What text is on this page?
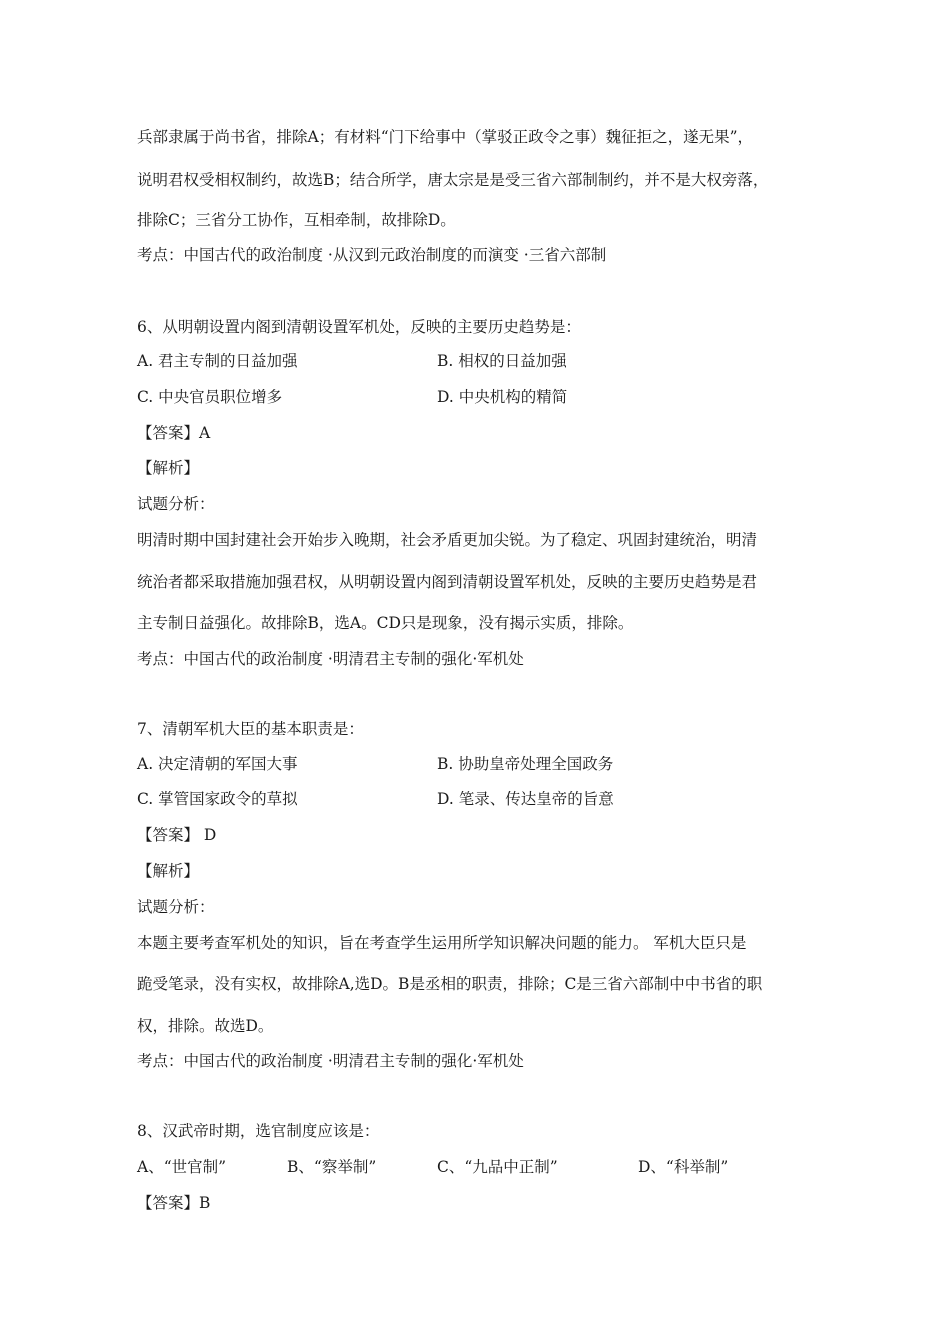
兵部隶属于尚书省，排除A；有材料“门下给事中（掌驳正政令之事）魏征拒之，遂无果”，
说明君权受相权制约，故选B；结合所学，唐太宗是是受三省六部制制约，并不是大权旁落，
排除C；三省分工协作，互相牵制，故排除D。
考点：中国古代的政治制度 ·从汉到元政治制度的而演变 ·三省六部制
6、从明朝设置内阁到清朝设置军机处，反映的主要历史趋势是：
A. 君主专制的日益加强	B. 相权的日益加强
C. 中央官员职位增多	D. 中央机构的精简
【答案】A
【解析】
试题分析：
明清时期中国封建社会开始步入晚期，社会矛盾更加尖锐。为了稳定、巩固封建统治，明清
统治者都采取措施加强君权，从明朝设置内阁到清朝设置军机处，反映的主要历史趋势是君
主专制日益强化。故排除B，选A。CD只是现象，没有揭示实质，排除。
考点：中国古代的政治制度 ·明清君主专制的强化·军机处
7、清朝军机大臣的基本职责是：
A. 决定清朝的军国大事	B. 协助皇帝处理全国政务
C. 掌管国家政令的草拟	D. 笔录、传达皇帝的旨意
【答案】 D
【解析】
试题分析：
本题主要考查军机处的知识，旨在考查学生运用所学知识解决问题的能力。 军机大臣只是
跪受笔录，没有实权，故排除A,选D。B是丞相的职责，排除；C是三省六部制中中书省的职
权，排除。故选D。
考点：中国古代的政治制度 ·明清君主专制的强化·军机处
8、汉武帝时期，选官制度应该是：
A、“世官制”	B、“察举制”	C、“九品中正制”	D、“科举制”
【答案】B
